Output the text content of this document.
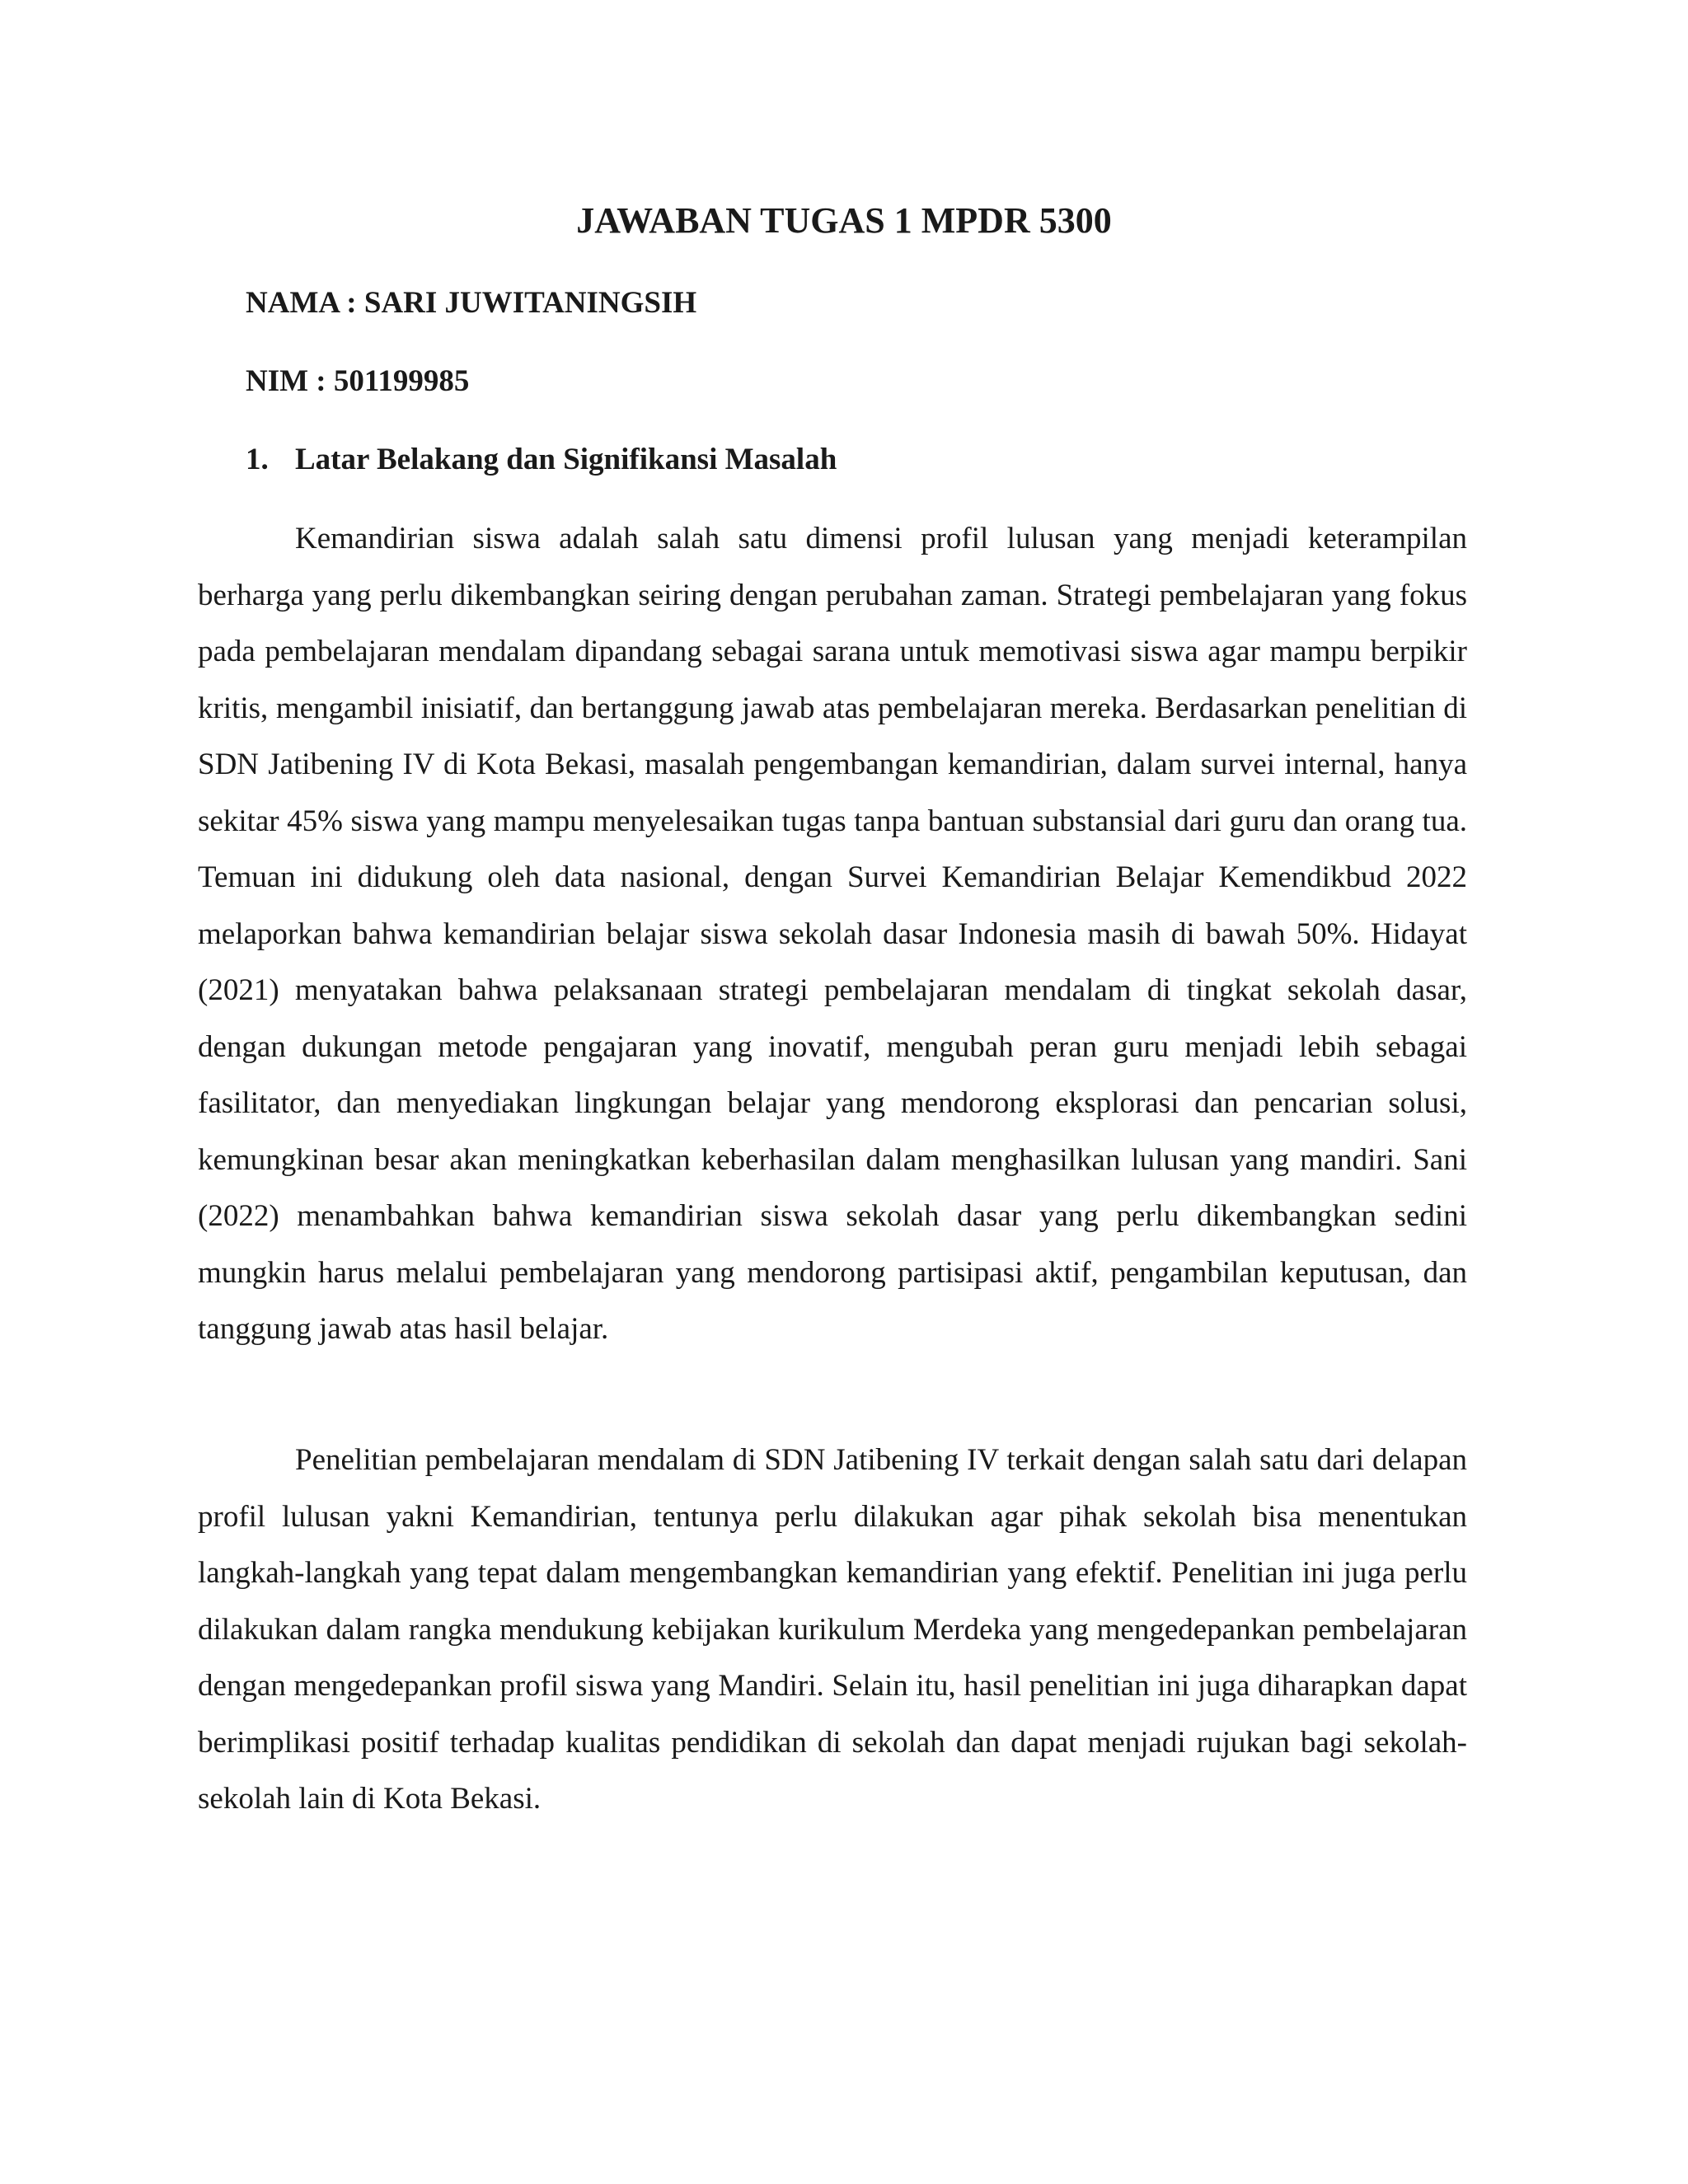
JAWABAN TUGAS 1 MPDR 5300

NAMA : SARI JUWITANINGSIH

NIM : 501199985

1. Latar Belakang dan Signifikansi Masalah

Kemandirian siswa adalah salah satu dimensi profil lulusan yang menjadi keterampilan berharga yang perlu dikembangkan seiring dengan perubahan zaman. Strategi pembelajaran yang fokus pada pembelajaran mendalam dipandang sebagai sarana untuk memotivasi siswa agar mampu berpikir kritis, mengambil inisiatif, dan bertanggung jawab atas pembelajaran mereka. Berdasarkan penelitian di SDN Jatibening IV di Kota Bekasi, masalah pengembangan kemandirian, dalam survei internal, hanya sekitar 45% siswa yang mampu menyelesaikan tugas tanpa bantuan substansial dari guru dan orang tua. Temuan ini didukung oleh data nasional, dengan Survei Kemandirian Belajar Kemendikbud 2022 melaporkan bahwa kemandirian belajar siswa sekolah dasar Indonesia masih di bawah 50%. Hidayat (2021) menyatakan bahwa pelaksanaan strategi pembelajaran mendalam di tingkat sekolah dasar, dengan dukungan metode pengajaran yang inovatif, mengubah peran guru menjadi lebih sebagai fasilitator, dan menyediakan lingkungan belajar yang mendorong eksplorasi dan pencarian solusi, kemungkinan besar akan meningkatkan keberhasilan dalam menghasilkan lulusan yang mandiri. Sani (2022) menambahkan bahwa kemandirian siswa sekolah dasar yang perlu dikembangkan sedini mungkin harus melalui pembelajaran yang mendorong partisipasi aktif, pengambilan keputusan, dan tanggung jawab atas hasil belajar.

Penelitian pembelajaran mendalam di SDN Jatibening IV terkait dengan salah satu dari delapan profil lulusan yakni Kemandirian, tentunya perlu dilakukan agar pihak sekolah bisa menentukan langkah-langkah yang tepat dalam mengembangkan kemandirian yang efektif. Penelitian ini juga perlu dilakukan dalam rangka mendukung kebijakan kurikulum Merdeka yang mengedepankan pembelajaran dengan mengedepankan profil siswa yang Mandiri. Selain itu, hasil penelitian ini juga diharapkan dapat berimplikasi positif terhadap kualitas pendidikan di sekolah dan dapat menjadi rujukan bagi sekolah-sekolah lain di Kota Bekasi.
